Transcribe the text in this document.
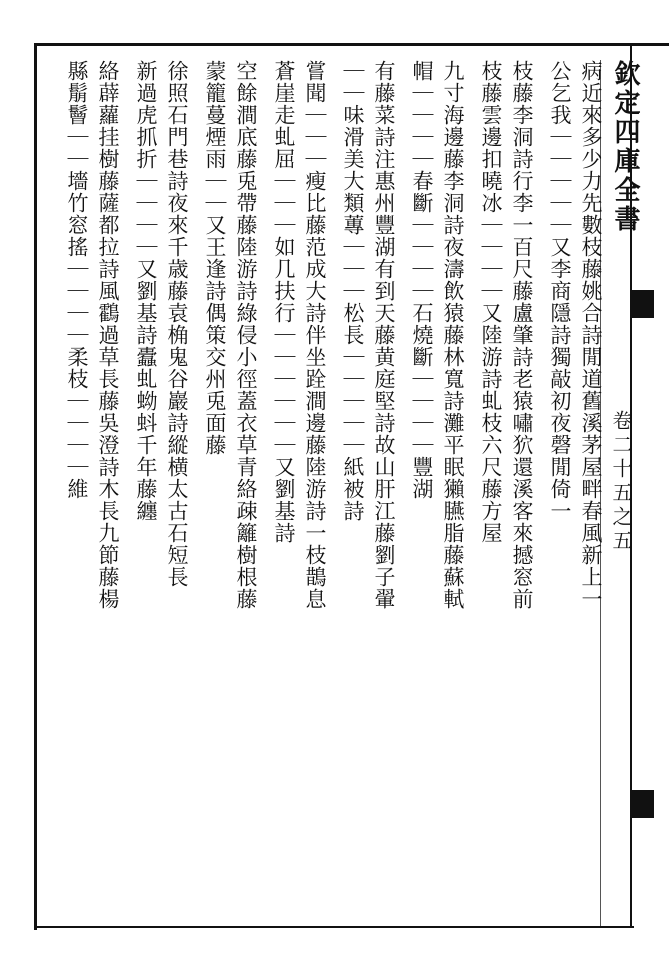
欽定四庫全書
卷二十五之五
病近來多少力先數枝藤姚合詩閒道舊溪茅屋畔春風新上一
公乞我｜｜｜｜｜又李商隱詩獨敲初夜磬閒倚一
枝藤李洞詩行李一百尺藤盧肇詩老猿嘯狖還溪客來撼窓前
枝藤雲邊扣曉冰｜｜｜｜又陸游詩虬枝六尺藤方屋
九寸海邊藤李洞詩夜濤飲猿藤林寬詩灘平眠獺臙脂藤蘇軾
帽｜｜｜｜春斷｜｜｜｜石燒斷｜｜｜｜豐湖
有藤菜詩注惠州豐湖有到天藤黄庭堅詩故山肝江藤劉子翬
｜｜味滑美大類蓴｜｜｜松長｜｜｜｜｜紙被詩
嘗聞｜｜｜瘦比藤范成大詩伴坐跧澗邊藤陸游詩一枝鵲息
蒼崖走虬屈｜｜｜如几扶行｜｜｜｜｜｜又劉基詩
空餘澗底藤兎帶藤陸游詩綠侵小徑蓋衣草青絡疎籬樹根藤
蒙籠蔓煙雨｜｜又王逢詩偶策交州兎面藤
徐照石門巷詩夜來千歳藤袁桷鬼谷巖詩縱横太古石短長
新過虎抓折｜｜｜｜又劉基詩蠹虬蚴蚪千年藤纏
絡薜蘿挂樹藤薩都拉詩風鸖過草長藤吳澄詩木長九節藤楊
縣鬅鬙｜｜墻竹窓搖｜｜｜｜柔枝｜｜｜｜維
